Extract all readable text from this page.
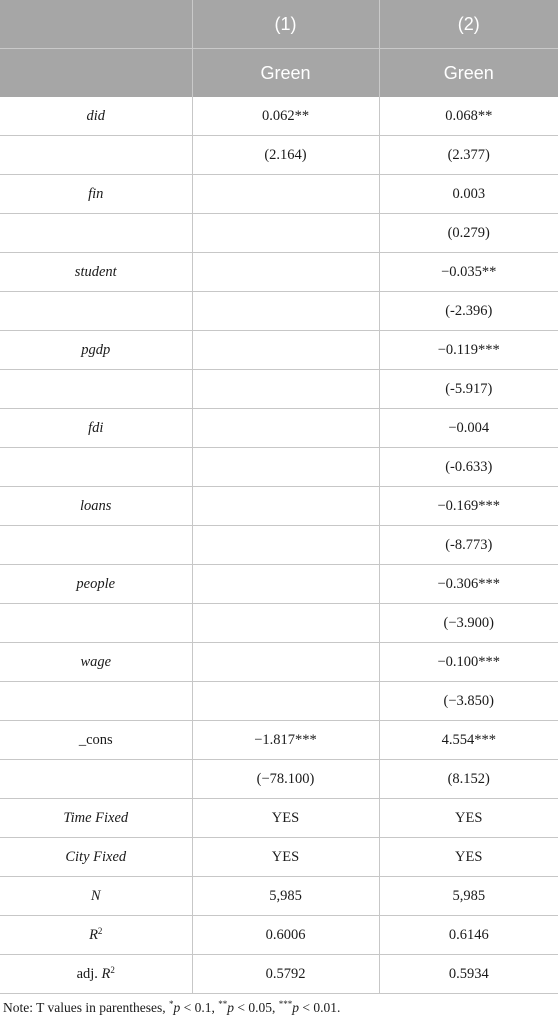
	(1)	(2)
	Green	Green
did	0.062**	0.068**
	(2.164)	(2.377)
fin		0.003
		(0.279)
student		−0.035**
		(-2.396)
pgdp		−0.119***
		(-5.917)
fdi		−0.004
		(-0.633)
loans		−0.169***
		(-8.773)
people		−0.306***
		(−3.900)
wage		−0.100***
		(−3.850)
_cons	−1.817***	4.554***
	(−78.100)	(8.152)
Time Fixed	YES	YES
City Fixed	YES	YES
N	5,985	5,985
$R^2$	0.6006	0.6146
adj. $R^2$	0.5792	0.5934

Note: T values in parentheses, *p < 0.1, **p < 0.05, ***p < 0.01.
